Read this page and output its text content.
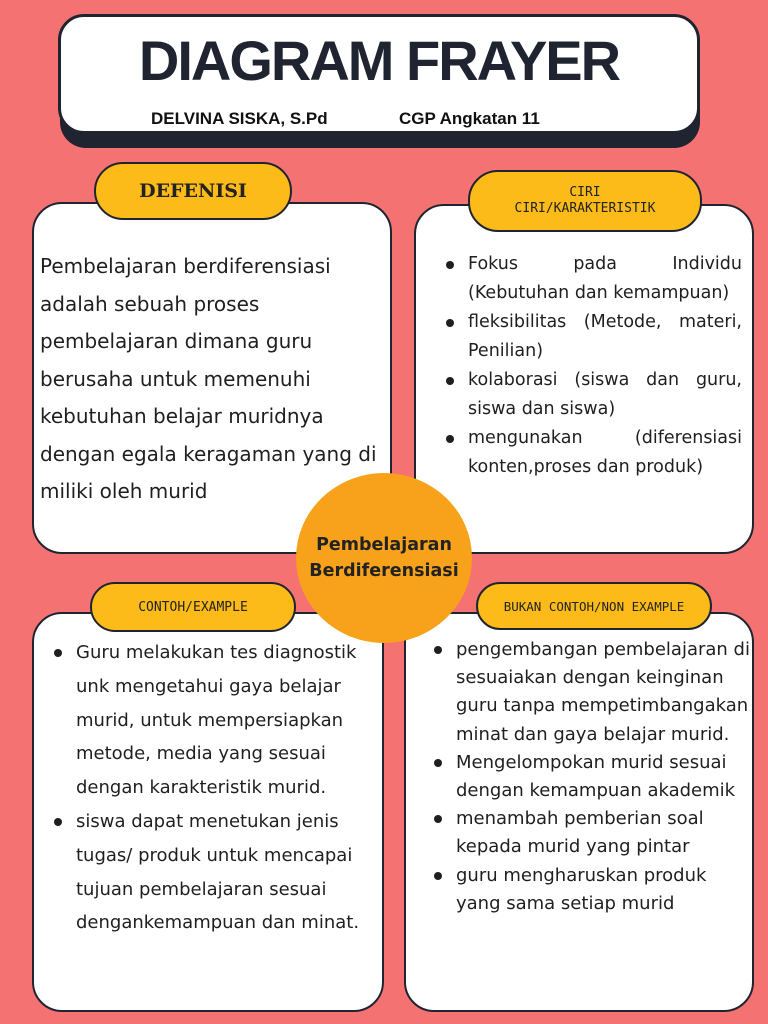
DIAGRAM FRAYER
DELVINA SISKA, S.Pd	CGP Angkatan 11
DEFENISI	CIRI
CIRI/KARAKTERISTIK
CONTOH/EXAMPLE	BUKAN CONTOH/NON EXAMPLE
Pembelajaran berdiferensiasi adalah sebuah proses pembelajaran dimana guru berusaha untuk memenuhi kebutuhan belajar muridnya dengan egala keragaman yang di miliki oleh murid
Fokus pada Individu (Kebutuhan dan kemampuan)
fleksibilitas (Metode, materi, Penilian)
kolaborasi (siswa dan guru, siswa dan siswa)
mengunakan (diferensiasi konten,proses dan produk)
Guru melakukan tes diagnostik unk mengetahui gaya belajar murid, untuk mempersiapkan metode, media yang sesuai dengan karakteristik murid.
siswa dapat menetukan jenis tugas/ produk untuk mencapai tujuan pembelajaran sesuai dengankemampuan dan minat.
pengembangan pembelajaran di sesuaiakan dengan keinginan guru tanpa mempetimbangakan minat dan gaya belajar murid.
Mengelompokan murid sesuai dengan kemampuan akademik
menambah pemberian soal kepada murid yang pintar
guru mengharuskan produk yang sama setiap murid
Pembelajaran
Berdiferensiasi
